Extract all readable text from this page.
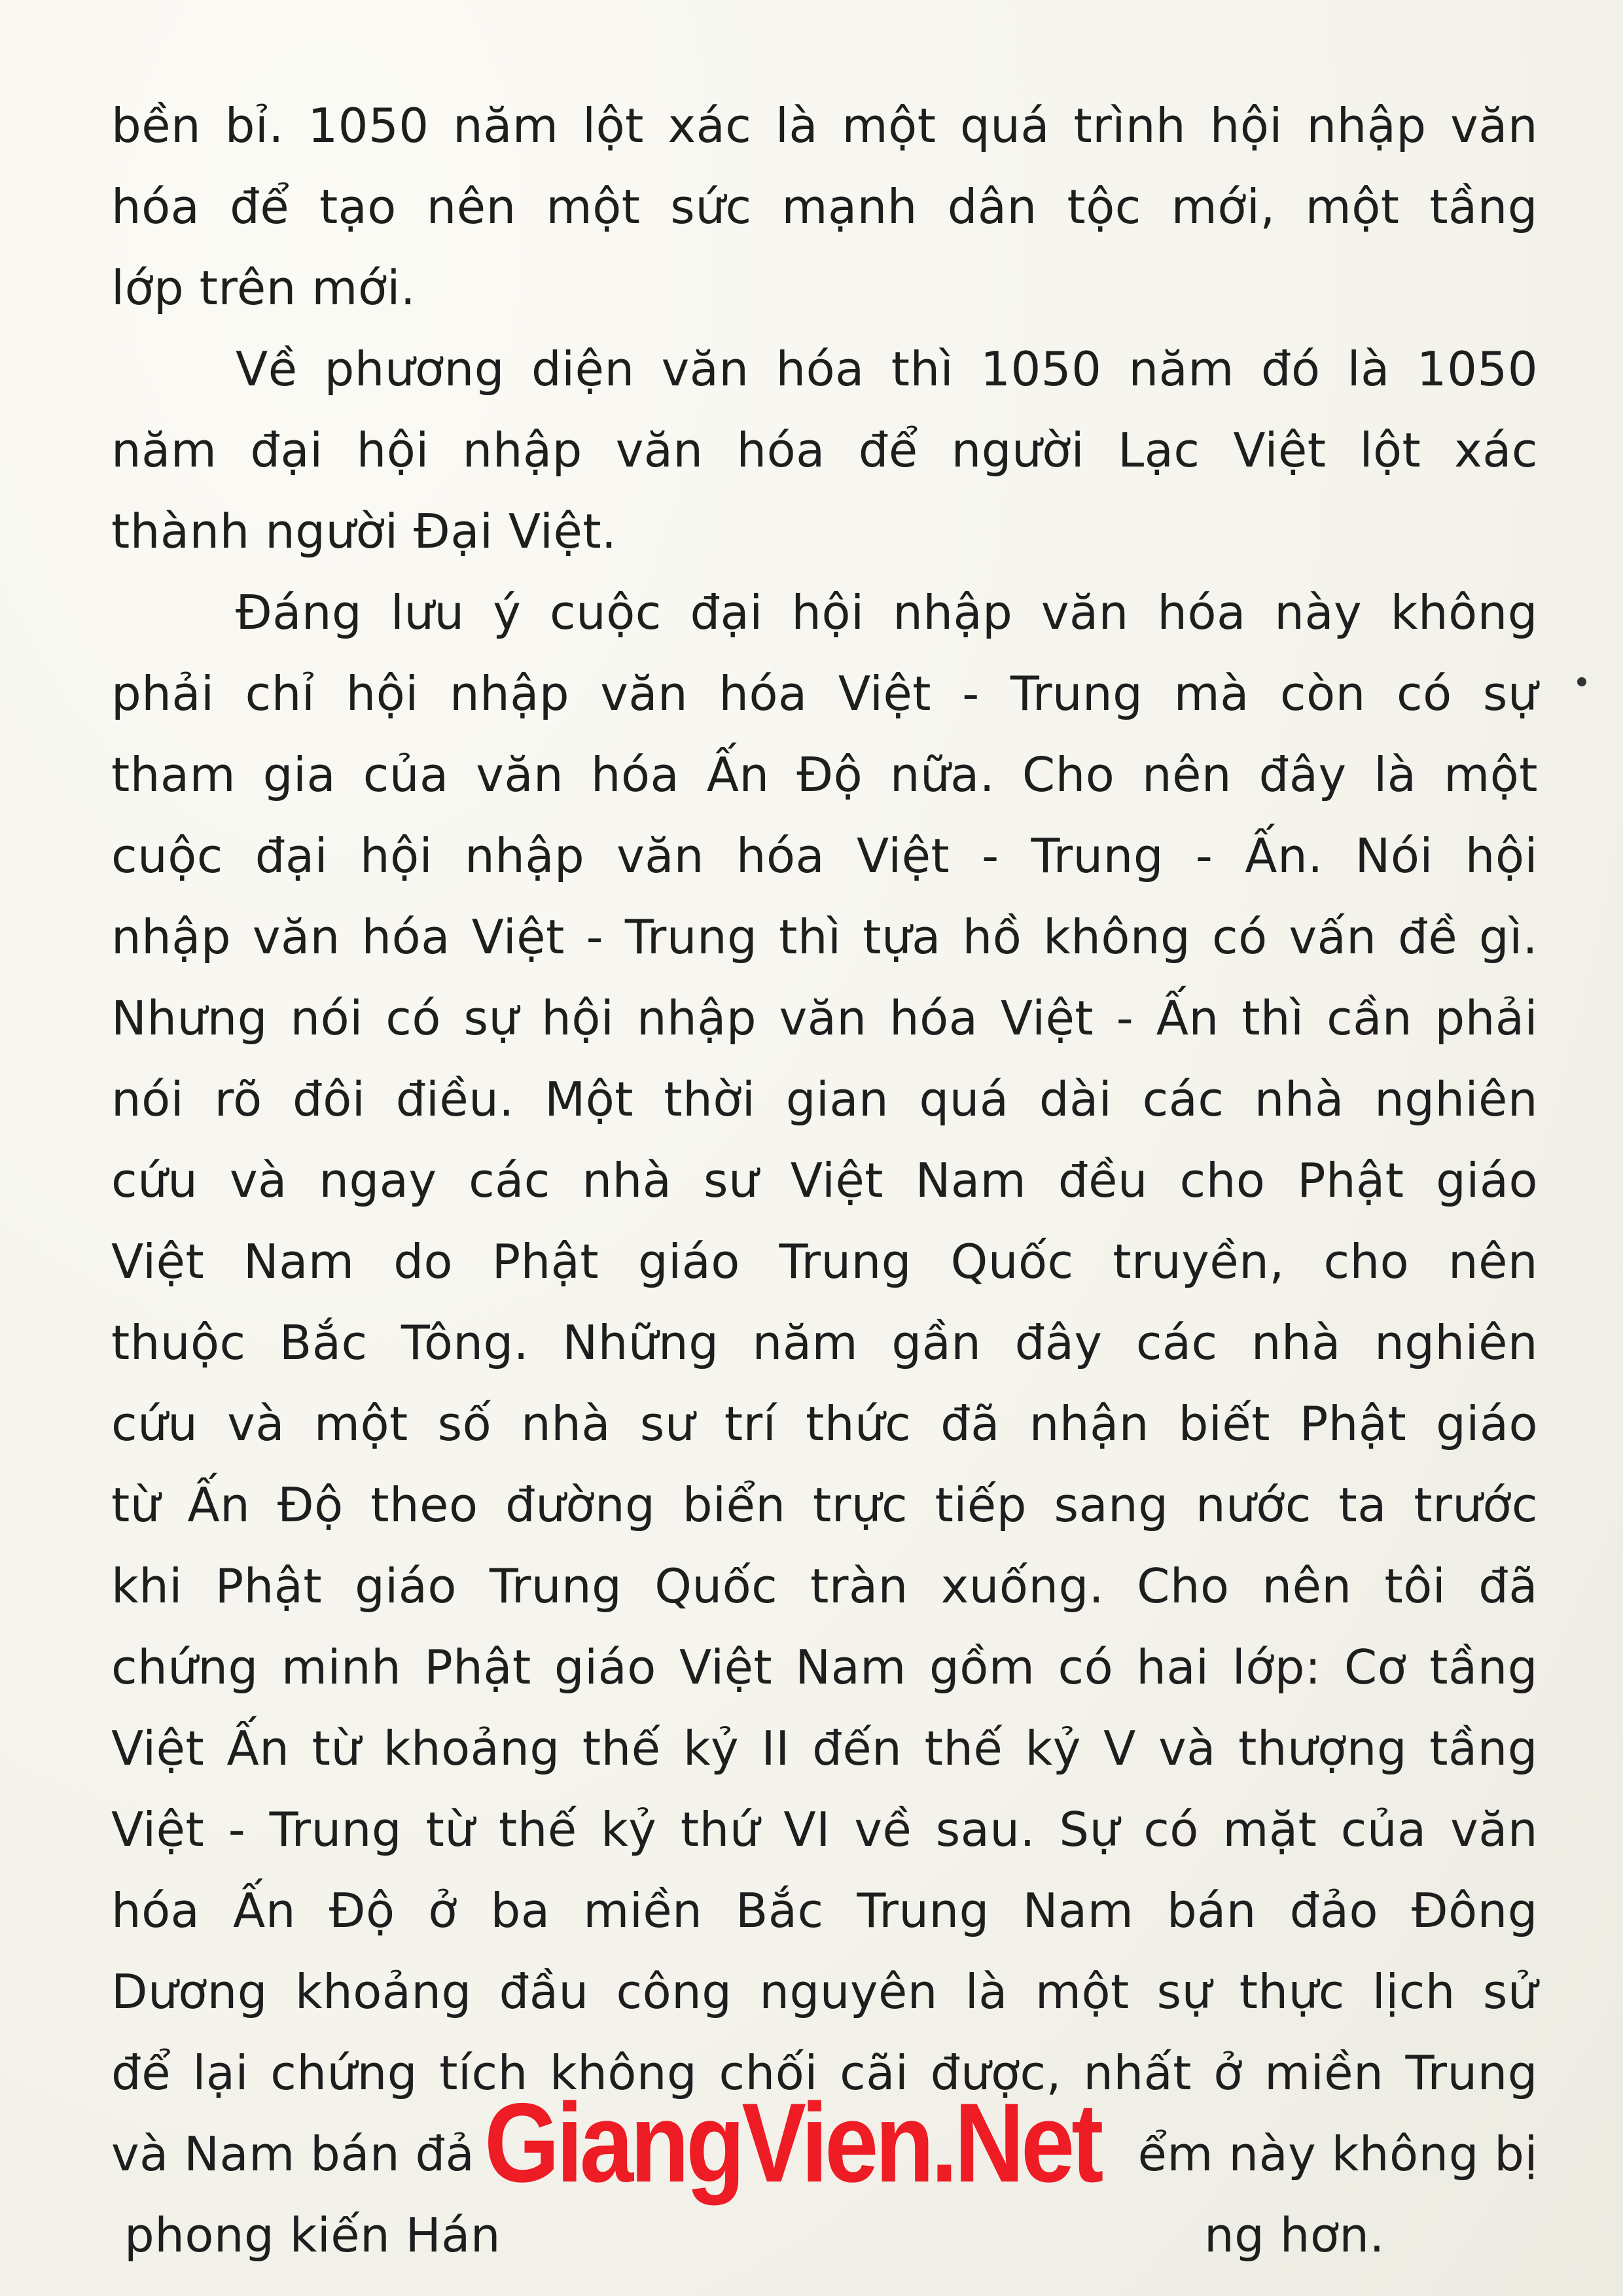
bền bỉ. 1050 năm lột xác là một quá trình hội nhập văn
hóa để tạo nên một sức mạnh dân tộc mới, một tầng
lớp trên mới.
Về phương diện văn hóa thì 1050 năm đó là 1050
năm đại hội nhập văn hóa để người Lạc Việt lột xác
thành người Đại Việt.
Đáng lưu ý cuộc đại hội nhập văn hóa này không
phải chỉ hội nhập văn hóa Việt - Trung mà còn có sự
tham gia của văn hóa Ấn Độ nữa. Cho nên đây là một
cuộc đại hội nhập văn hóa Việt - Trung - Ấn. Nói hội
nhập văn hóa Việt - Trung thì tựa hồ không có vấn đề gì.
Nhưng nói có sự hội nhập văn hóa Việt - Ấn thì cần phải
nói rõ đôi điều. Một thời gian quá dài các nhà nghiên
cứu và ngay các nhà sư Việt Nam đều cho Phật giáo
Việt Nam do Phật giáo Trung Quốc truyền, cho nên
thuộc Bắc Tông. Những năm gần đây các nhà nghiên
cứu và một số nhà sư trí thức đã nhận biết Phật giáo
từ Ấn Độ theo đường biển trực tiếp sang nước ta trước
khi Phật giáo Trung Quốc tràn xuống. Cho nên tôi đã
chứng minh Phật giáo Việt Nam gồm có hai lớp: Cơ tầng
Việt Ấn từ khoảng thế kỷ II đến thế kỷ V và thượng tầng
Việt - Trung từ thế kỷ thứ VI về sau. Sự có mặt của văn
hóa Ấn Độ ở ba miền Bắc Trung Nam bán đảo Đông
Dương khoảng đầu công nguyên là một sự thực lịch sử
để lại chứng tích không chối cãi được, nhất ở miền Trung
và Nam bán đả	ểm này không bị
phong kiến Hán	ng hơn.
GiangVien.Net
